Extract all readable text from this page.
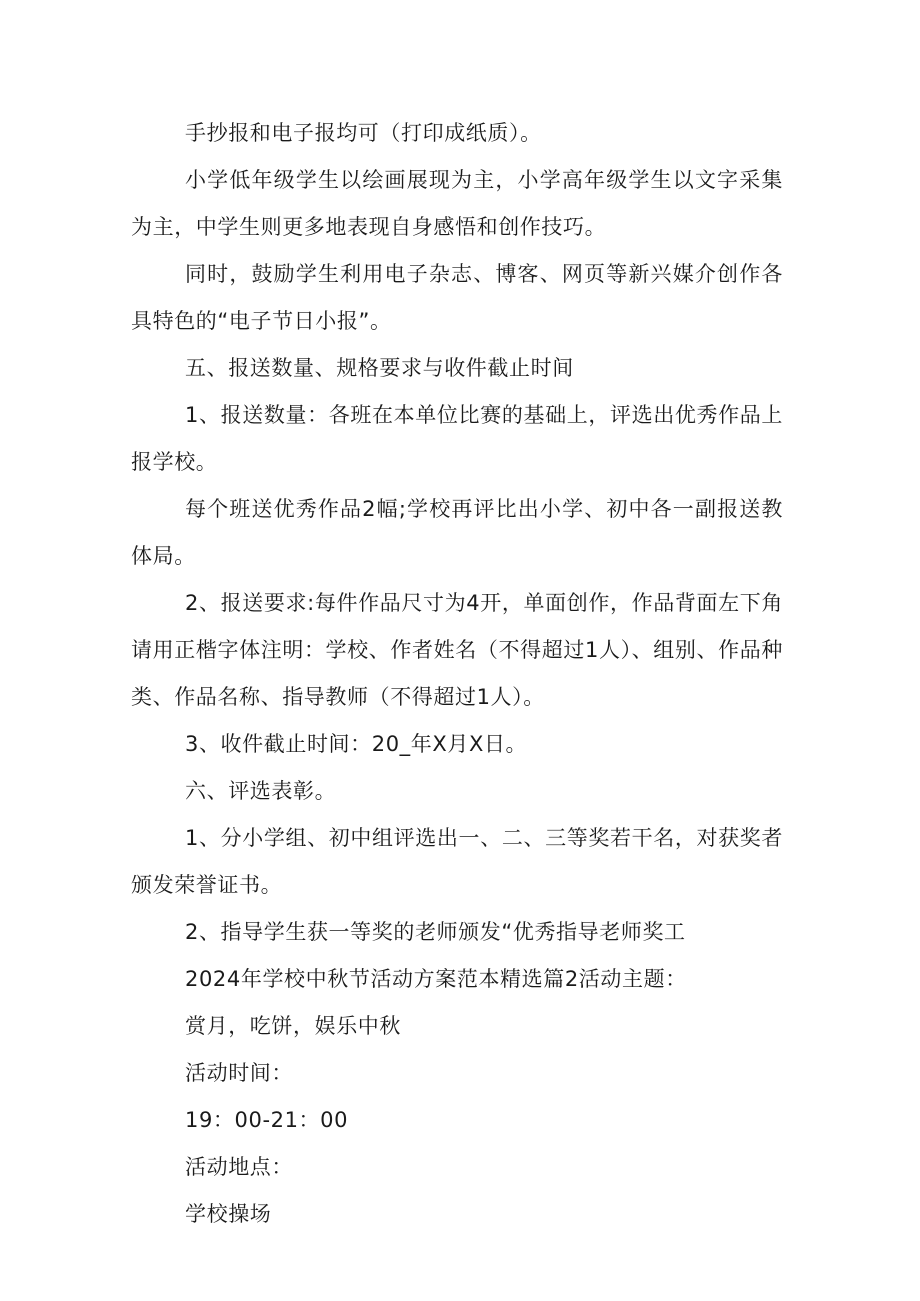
手抄报和电子报均可（打印成纸质）。

小学低年级学生以绘画展现为主，小学高年级学生以文字采集为主，中学生则更多地表现自身感悟和创作技巧。

同时，鼓励学生利用电子杂志、博客、网页等新兴媒介创作各具特色的“电子节日小报”。

五、报送数量、规格要求与收件截止时间

1、报送数量：各班在本单位比赛的基础上，评选出优秀作品上报学校。

每个班送优秀作品2幅;学校再评比出小学、初中各一副报送教体局。

2、报送要求:每件作品尺寸为4开，单面创作，作品背面左下角请用正楷字体注明：学校、作者姓名（不得超过1人）、组别、作品种类、作品名称、指导教师（不得超过1人）。

3、收件截止时间：20_年X月X日。

六、评选表彰。

1、分小学组、初中组评选出一、二、三等奖若干名，对获奖者颁发荣誉证书。

2、指导学生获一等奖的老师颁发“优秀指导老师奖工

2024年学校中秋节活动方案范本精选篇2活动主题：

赏月，吃饼，娱乐中秋

活动时间：

19：00-21：00

活动地点：

学校操场
